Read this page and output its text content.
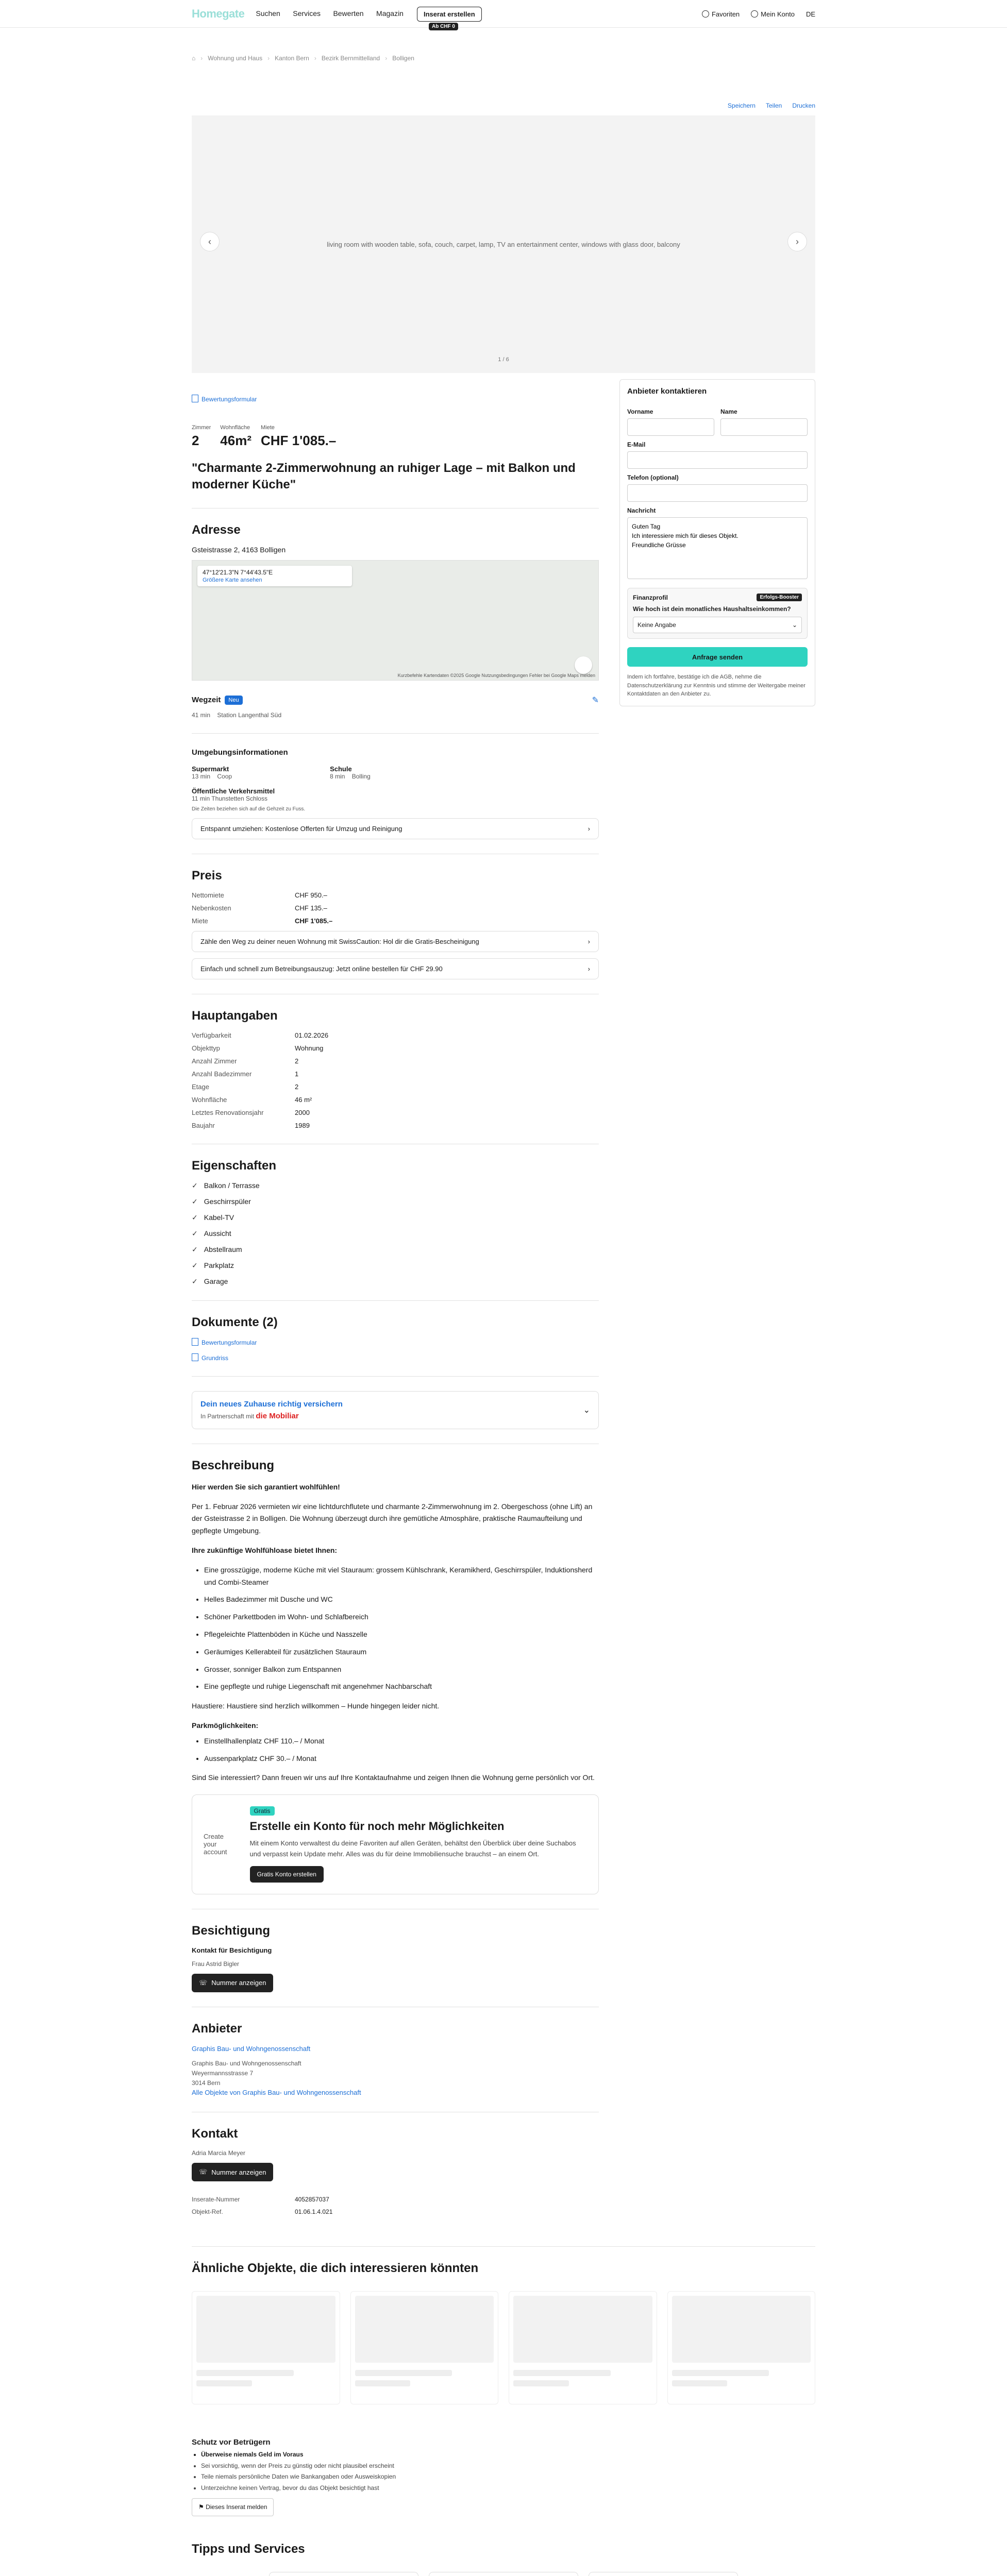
Homegate Suchen Services Bewerten Magazin	Inserat erstellen
Ab CHF 0
Favoriten	Mein Konto DE
⌂ › Wohnung und Haus › Kanton Bern › Bezirk Bernmittelland › Bolligen
Speichern Teilen Drucken
living room with wooden table, sofa, couch, carpet, lamp, TV an entertainment center, windows with glass door, balcony
‹	›
1 / 6
Bewertungsformular
Zimmer
2
Wohnfläche
46m²
Miete
CHF 1'085.–
"Charmante 2-Zimmerwohnung an ruhiger Lage – mit Balkon und moderner Küche"
Adresse
Gsteistrasse 2, 4163 Bolligen
47°12'21.3"N 7°44'43.5"E
Größere Karte ansehen
Kurzbefehle Kartendaten ©2025 Google Nutzungsbedingungen Fehler bei Google Maps melden
Wegzeit	Neu	✎
41 min Station Langenthal Süd
Umgebungsinformationen
Supermarkt
13 min Coop
Schule
8 min Bolling
Öffentliche Verkehrsmittel
11 min Thunstetten Schloss
Die Zeiten beziehen sich auf die Gehzeit zu Fuss.
Entspannt umziehen: Kostenlose Offerten für Umzug und Reinigung	›
Preis
Nettomiete	CHF 950.–
Nebenkosten	CHF 135.–
Miete	CHF 1'085.–
Zähle den Weg zu deiner neuen Wohnung mit SwissCaution: Hol dir die Gratis-Bescheinigung	›
Einfach und schnell zum Betreibungsauszug: Jetzt online bestellen für CHF 29.90	›
Hauptangaben
Verfügbarkeit	01.02.2026
Objekttyp	Wohnung
Anzahl Zimmer	2
Anzahl Badezimmer	1
Etage	2
Wohnfläche	46 m²
Letztes Renovationsjahr	2000
Baujahr	1989
Eigenschaften
✓ Balkon / Terrasse
✓ Geschirrspüler
✓ Kabel-TV
✓ Aussicht
✓ Abstellraum
✓ Parkplatz
✓ Garage
Dokumente (2)
Bewertungsformular
Grundriss
Dein neues Zuhause richtig versichern
In Partnerschaft mit die Mobiliar
⌄
Beschreibung

Hier werden Sie sich garantiert wohlfühlen!

Per 1. Februar 2026 vermieten wir eine lichtdurchflutete und charmante 2-Zimmerwohnung im 2. Obergeschoss (ohne Lift) an der Gsteistrasse 2 in Bolligen. Die Wohnung überzeugt durch ihre gemütliche Atmosphäre, praktische Raumaufteilung und gepflegte Umgebung.

Ihre zukünftige Wohlfühloase bietet Ihnen:

• Eine grosszügige, moderne Küche mit viel Stauraum: grossem Kühlschrank, Keramikherd, Geschirrspüler, Induktionsherd und Combi-Steamer
• Helles Badezimmer mit Dusche und WC
• Schöner Parkettboden im Wohn- und Schlafbereich
• Pflegeleichte Plattenböden in Küche und Nasszelle
• Geräumiges Kellerabteil für zusätzlichen Stauraum
• Grosser, sonniger Balkon zum Entspannen
• Eine gepflegte und ruhige Liegenschaft mit angenehmer Nachbarschaft

Haustiere: Haustiere sind herzlich willkommen – Hunde hingegen leider nicht.

Parkmöglichkeiten:

• Einstellhallenplatz CHF 110.– / Monat
• Aussenparkplatz CHF 30.– / Monat

Sind Sie interessiert? Dann freuen wir uns auf Ihre Kontaktaufnahme und zeigen Ihnen die Wohnung gerne persönlich vor Ort.

Create your account
Gratis
Erstelle ein Konto für noch mehr Möglichkeiten
Mit einem Konto verwaltest du deine Favoriten auf allen Geräten, behältst den Überblick über deine Suchabos und verpasst kein Update mehr. Alles was du für deine Immobiliensuche brauchst – an einem Ort.
Gratis Konto erstellen
Besichtigung
Kontakt für Besichtigung
Frau Astrid Bigler
☏ Nummer anzeigen
Anbieter
Graphis Bau- und Wohngenossenschaft
Graphis Bau- und Wohngenossenschaft
Weyermannsstrasse 7
3014 Bern
Alle Objekte von Graphis Bau- und Wohngenossenschaft
Kontakt
Adria Marcia Meyer
☏ Nummer anzeigen
Inserate-Nummer	4052857037
Objekt-Ref.	01.06.1.4.021
Anbieter kontaktieren
Vorname	Name
E-Mail
Telefon (optional)
Nachricht
Guten Tag Ich interessiere mich für dieses Objekt. Freundliche Grüsse
Finanzprofil	Erfolgs-Booster
Wie hoch ist dein monatliches Haushaltseinkommen?
Keine Angabe	⌄
Anfrage senden
Indem ich fortfahre, bestätige ich die AGB, nehme die Datenschutzerklärung zur Kenntnis und stimme der Weitergabe meiner Kontaktdaten an den Anbieter zu.
Ähnliche Objekte, die dich interessieren könnten
Schutz vor Betrügern
• Überweise niemals Geld im Voraus
• Sei vorsichtig, wenn der Preis zu günstig oder nicht plausibel erscheint
• Teile niemals persönliche Daten wie Bankangaben oder Ausweiskopien
• Unterzeichne keinen Vertrag, bevor du das Objekt besichtigt hast
⚑ Dieses Inserat melden
Tipps und Services
